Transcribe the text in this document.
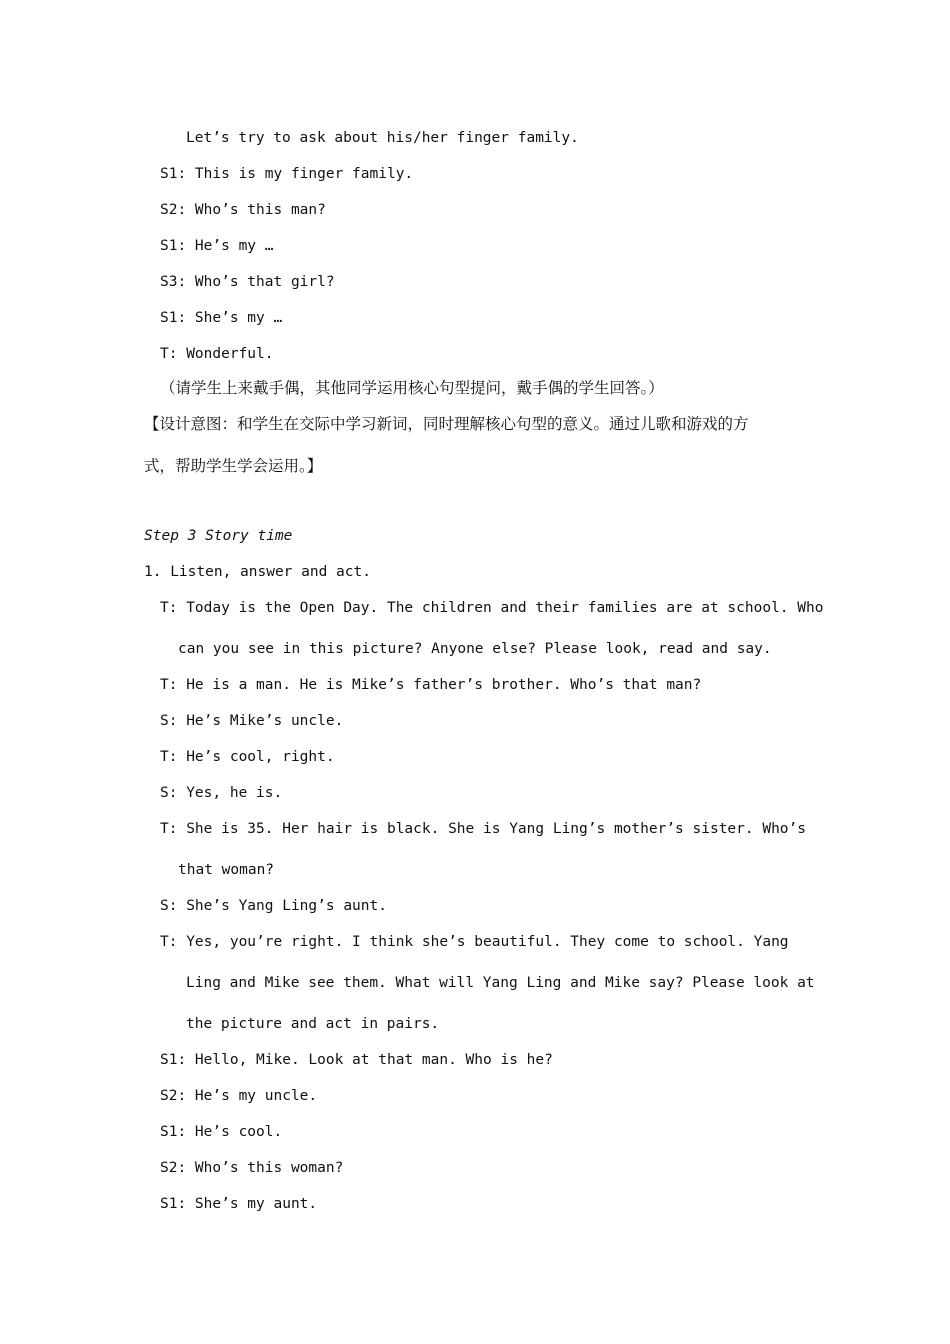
Let’s try to ask about his/her finger family.
S1: This is my finger family.
S2: Who’s this man?
S1: He’s my …
S3: Who’s that girl?
S1: She’s my …
T: Wonderful.
（请学生上来戴手偶，其他同学运用核心句型提问，戴手偶的学生回答。）
【设计意图：和学生在交际中学习新词，同时理解核心句型的意义。通过儿歌和游戏的方
式，帮助学生学会运用。】
Step 3 Story time
1. Listen, answer and act.
T: Today is the Open Day. The children and their families are at school. Who
can you see in this picture? Anyone else? Please look, read and say.
T: He is a man. He is Mike’s father’s brother. Who’s that man?
S: He’s Mike’s uncle.
T: He’s cool, right.
S: Yes, he is.
T: She is 35. Her hair is black. She is Yang Ling’s mother’s sister. Who’s
that woman?
S: She’s Yang Ling’s aunt.
T: Yes, you’re right. I think she’s beautiful. They come to school. Yang
Ling and Mike see them. What will Yang Ling and Mike say? Please look at
the picture and act in pairs.
S1: Hello, Mike. Look at that man. Who is he?
S2: He’s my uncle.
S1: He’s cool.
S2: Who’s this woman?
S1: She’s my aunt.
